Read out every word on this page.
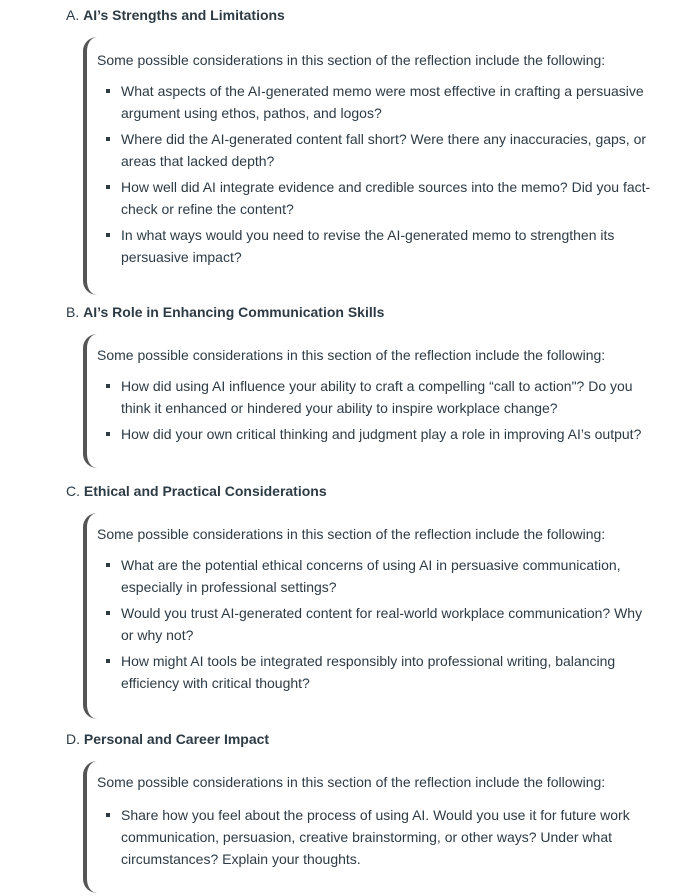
A. AI’s Strengths and Limitations
Some possible considerations in this section of the reflection include the following:
What aspects of the AI-generated memo were most effective in crafting a persuasive argument using ethos, pathos, and logos?
Where did the AI-generated content fall short? Were there any inaccuracies, gaps, or areas that lacked depth?
How well did AI integrate evidence and credible sources into the memo? Did you fact-check or refine the content?
In what ways would you need to revise the AI-generated memo to strengthen its persuasive impact?
B. AI’s Role in Enhancing Communication Skills
Some possible considerations in this section of the reflection include the following:
How did using AI influence your ability to craft a compelling “call to action"? Do you think it enhanced or hindered your ability to inspire workplace change?
How did your own critical thinking and judgment play a role in improving AI’s output?
C. Ethical and Practical Considerations
Some possible considerations in this section of the reflection include the following:
What are the potential ethical concerns of using AI in persuasive communication, especially in professional settings?
Would you trust AI-generated content for real-world workplace communication? Why or why not?
How might AI tools be integrated responsibly into professional writing, balancing efficiency with critical thought?
D. Personal and Career Impact
Some possible considerations in this section of the reflection include the following:
Share how you feel about the process of using AI. Would you use it for future work communication, persuasion, creative brainstorming, or other ways? Under what circumstances? Explain your thoughts.
